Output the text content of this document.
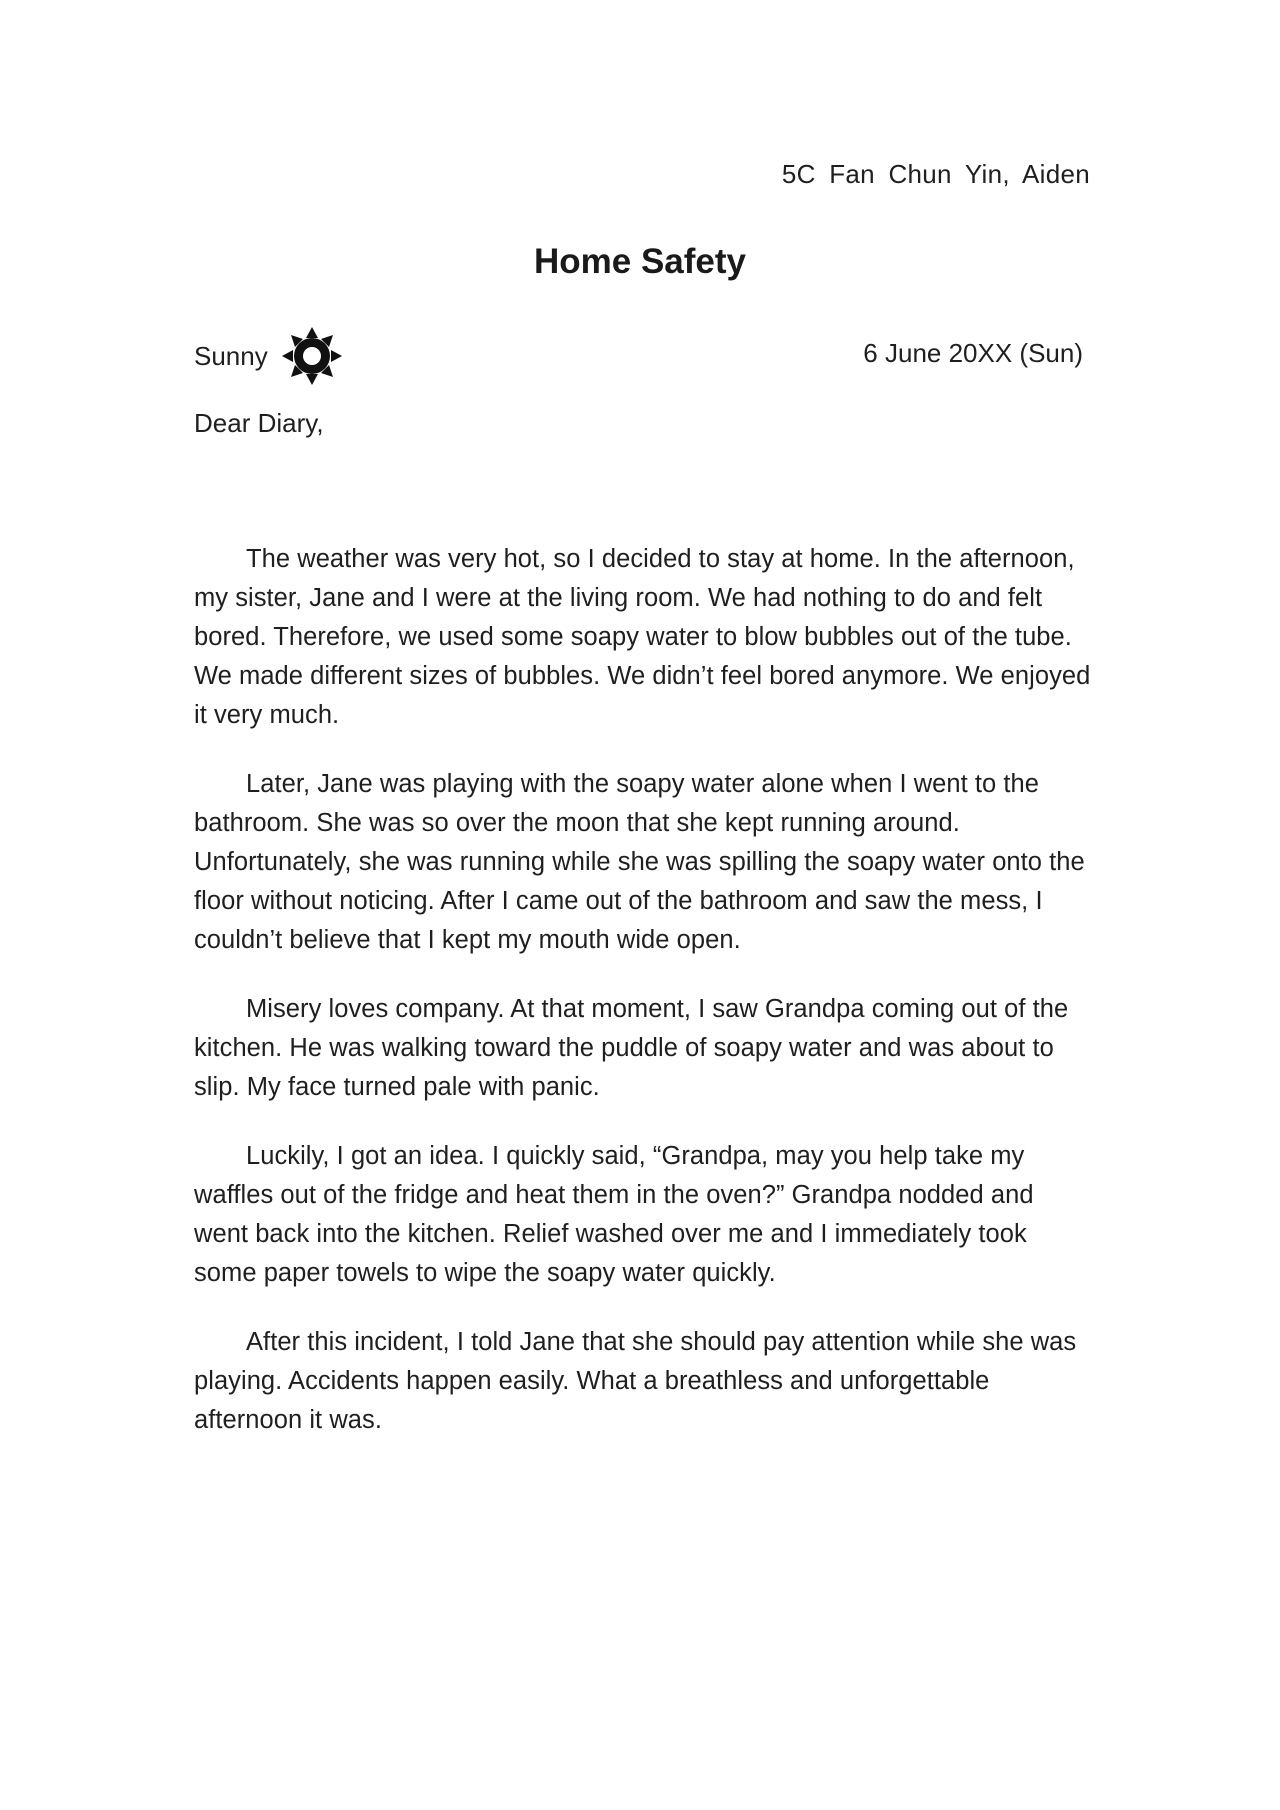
5C Fan Chun Yin, Aiden
Home Safety
Sunny	6 June 20XX (Sun)
Dear Diary,

The weather was very hot, so I decided to stay at home. In the afternoon, my sister, Jane and I were at the living room. We had nothing to do and felt bored. Therefore, we used some soapy water to blow bubbles out of the tube. We made different sizes of bubbles. We didn’t feel bored anymore. We enjoyed it very much.

Later, Jane was playing with the soapy water alone when I went to the bathroom. She was so over the moon that she kept running around. Unfortunately, she was running while she was spilling the soapy water onto the floor without noticing. After I came out of the bathroom and saw the mess, I couldn’t believe that I kept my mouth wide open.

Misery loves company. At that moment, I saw Grandpa coming out of the kitchen. He was walking toward the puddle of soapy water and was about to slip. My face turned pale with panic.

Luckily, I got an idea. I quickly said, “Grandpa, may you help take my waffles out of the fridge and heat them in the oven?” Grandpa nodded and went back into the kitchen. Relief washed over me and I immediately took some paper towels to wipe the soapy water quickly.

After this incident, I told Jane that she should pay attention while she was playing. Accidents happen easily. What a breathless and unforgettable afternoon it was.
